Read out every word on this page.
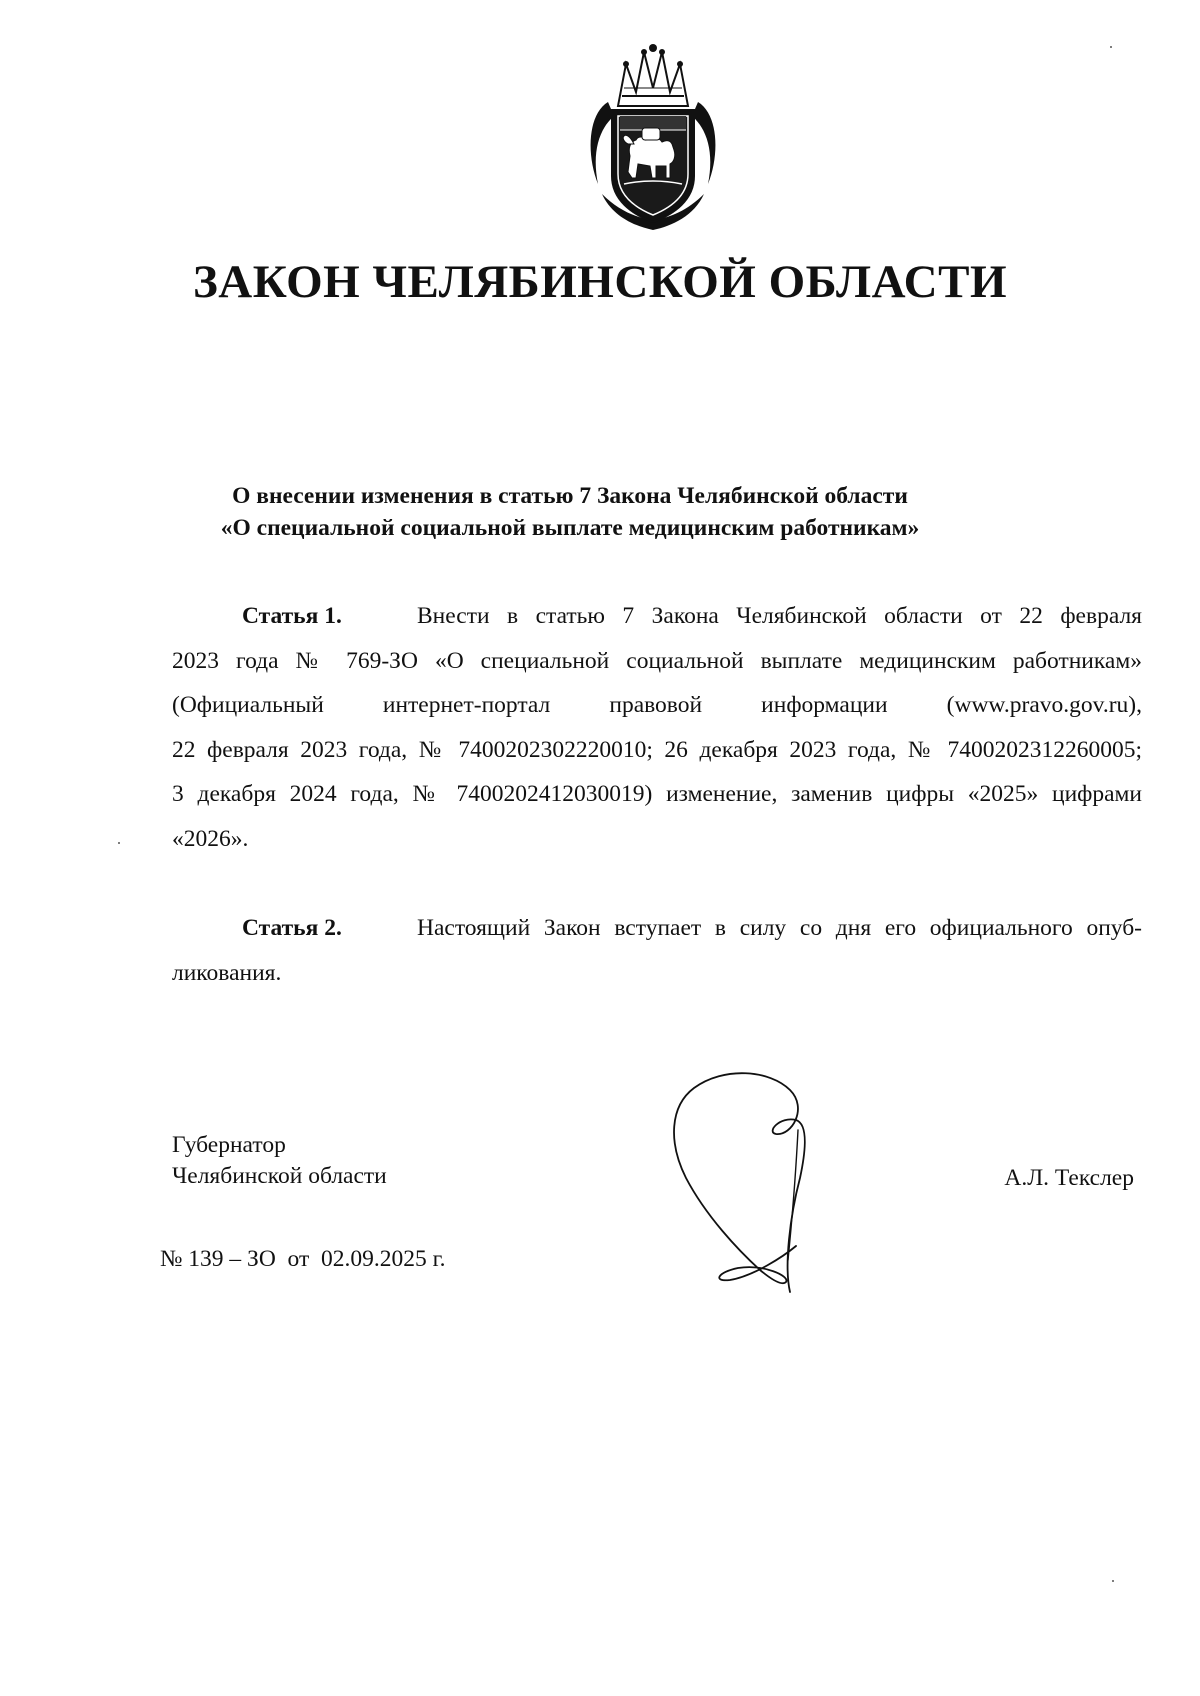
ЗАКОН ЧЕЛЯБИНСКОЙ ОБЛАСТИ
О внесении изменения в статью 7 Закона Челябинской области
«О специальной социальной выплате медицинским работникам»
Статья 1.	Внести в статью 7 Закона Челябинской области от 22 февраля
2023 года № 769-ЗО «О специальной социальной выплате медицинским работникам»
(Официальный интернет-портал правовой информации (www.pravo.gov.ru),
22 февраля 2023 года, № 7400202302220010; 26 декабря 2023 года, № 7400202312260005;
3 декабря 2024 года, № 7400202412030019) изменение, заменив цифры «2025» цифрами
«2026».
Статья 2.	Настоящий Закон вступает в силу со дня его официального опуб-
ликования.
Губернатор
Челябинской области	А.Л. Текслер
№ 139 – ЗО  от  02.09.2025 г.
